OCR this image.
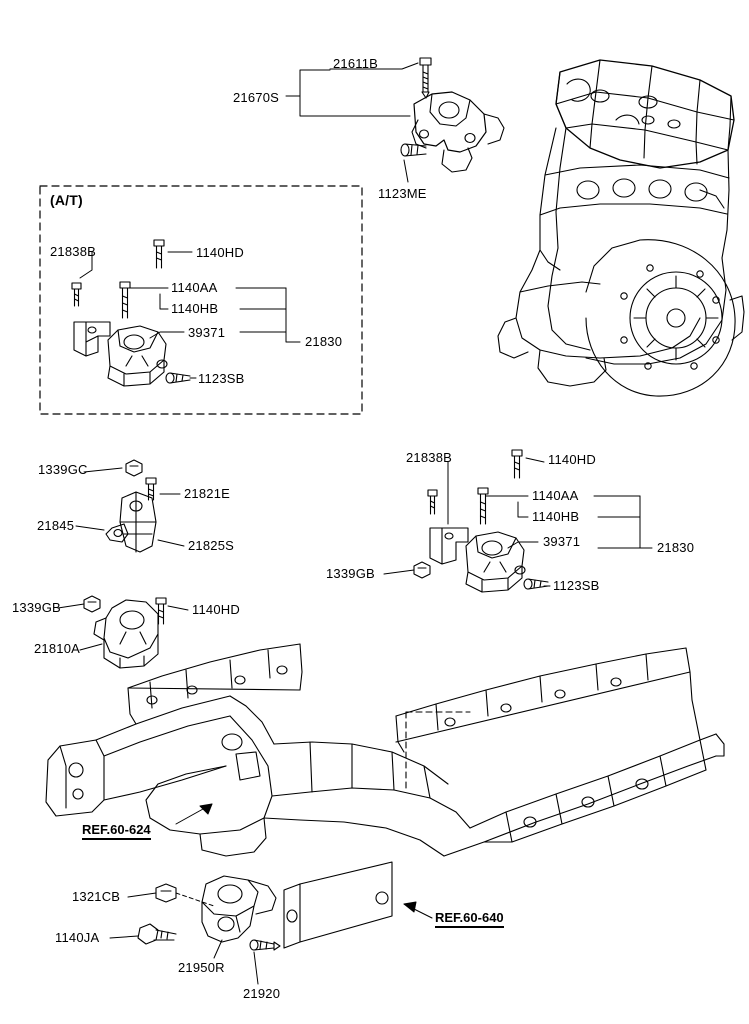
(A/T)
21611B
21670S
1123ME
21838B	1140HD
1140AA
1140HB
39371
21830
1123SB
1339GC
21838B	1140HD
21821E	1140AA
1140HB
21845
21825S	39371	21830
1339GB
1123SB
1339GB	1140HD
21810A
1321CB
1140JA
21950R
21920
REF.60-624
REF.60-640
